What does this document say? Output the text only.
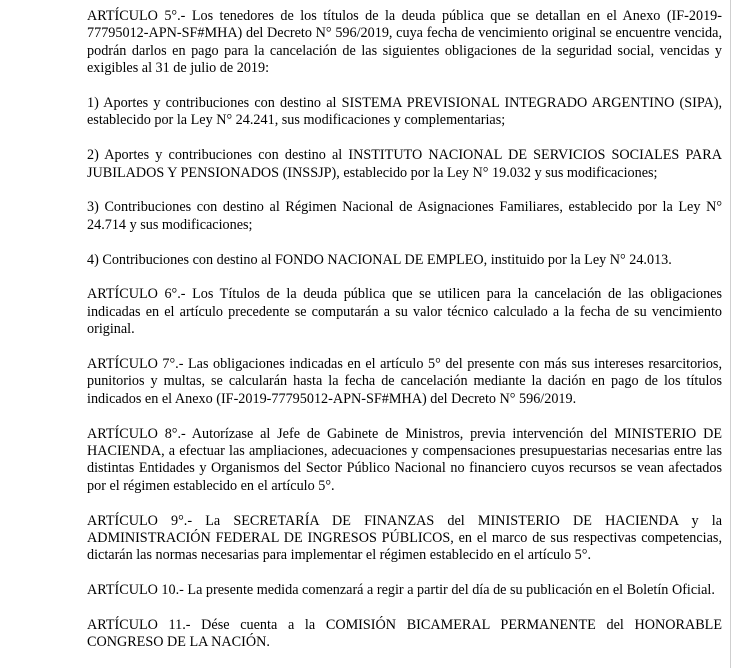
ARTÍCULO 5°.- Los tenedores de los títulos de la deuda pública que se detallan en el Anexo (IF-2019-77795012-APN-SF#MHA) del Decreto N° 596/2019, cuya fecha de vencimiento original se encuentre vencida, podrán darlos en pago para la cancelación de las siguientes obligaciones de la seguridad social, vencidas y exigibles al 31 de julio de 2019:

1) Aportes y contribuciones con destino al SISTEMA PREVISIONAL INTEGRADO ARGENTINO (SIPA), establecido por la Ley N° 24.241, sus modificaciones y complementarias;

2) Aportes y contribuciones con destino al INSTITUTO NACIONAL DE SERVICIOS SOCIALES PARA JUBILADOS Y PENSIONADOS (INSSJP), establecido por la Ley N° 19.032 y sus modificaciones;

3) Contribuciones con destino al Régimen Nacional de Asignaciones Familiares, establecido por la Ley N° 24.714 y sus modificaciones;

4) Contribuciones con destino al FONDO NACIONAL DE EMPLEO, instituido por la Ley N° 24.013.

ARTÍCULO 6°.- Los Títulos de la deuda pública que se utilicen para la cancelación de las obligaciones indicadas en el artículo precedente se computarán a su valor técnico calculado a la fecha de su vencimiento original.

ARTÍCULO 7°.- Las obligaciones indicadas en el artículo 5° del presente con más sus intereses resarcitorios, punitorios y multas, se calcularán hasta la fecha de cancelación mediante la dación en pago de los títulos indicados en el Anexo (IF-2019-77795012-APN-SF#MHA) del Decreto N° 596/2019.

ARTÍCULO 8°.- Autorízase al Jefe de Gabinete de Ministros, previa intervención del MINISTERIO DE HACIENDA, a efectuar las ampliaciones, adecuaciones y compensaciones presupuestarias necesarias entre las distintas Entidades y Organismos del Sector Público Nacional no financiero cuyos recursos se vean afectados por el régimen establecido en el artículo 5°.

ARTÍCULO 9°.- La SECRETARÍA DE FINANZAS del MINISTERIO DE HACIENDA y la ADMINISTRACIÓN FEDERAL DE INGRESOS PÚBLICOS, en el marco de sus respectivas competencias, dictarán las normas necesarias para implementar el régimen establecido en el artículo 5°.

ARTÍCULO 10.- La presente medida comenzará a regir a partir del día de su publicación en el Boletín Oficial.

ARTÍCULO 11.- Dése cuenta a la COMISIÓN BICAMERAL PERMANENTE del HONORABLE CONGRESO DE LA NACIÓN.
